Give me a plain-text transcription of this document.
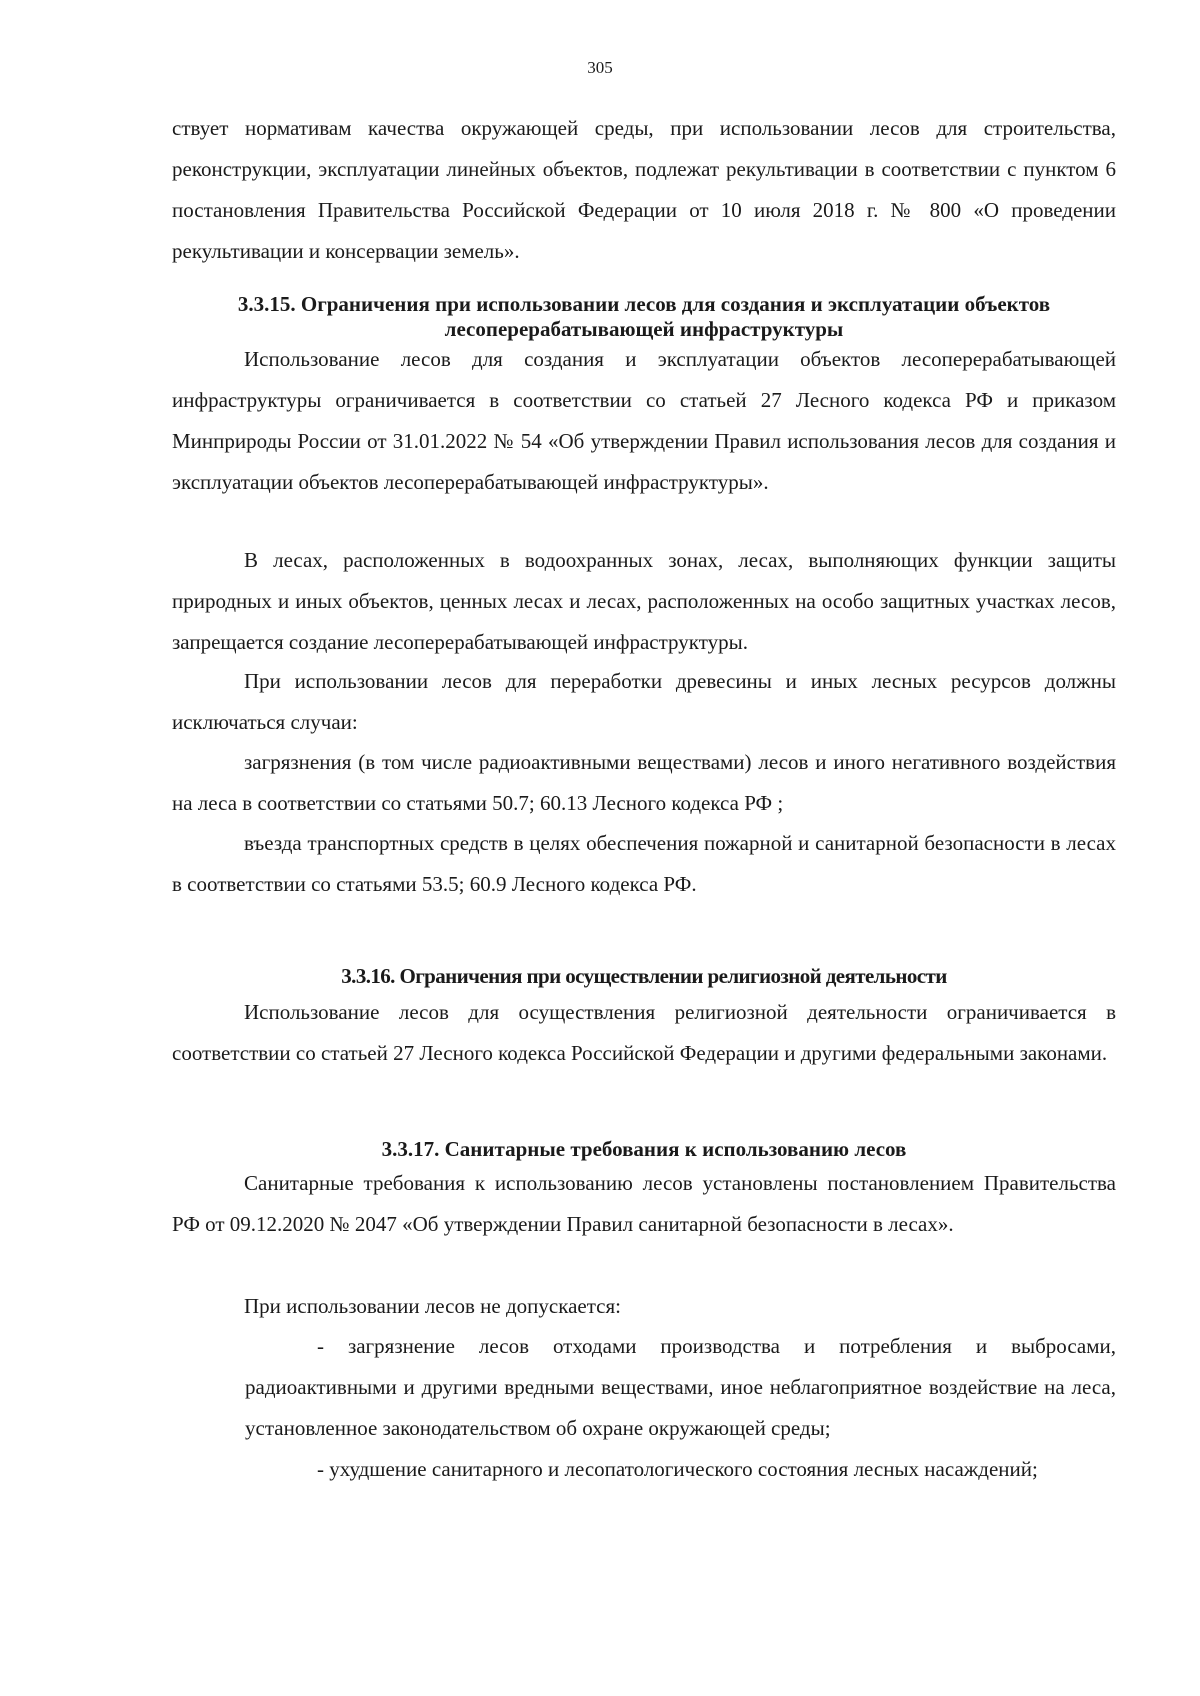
305

ствует нормативам качества окружающей среды, при использовании лесов для строительства, реконструкции, эксплуатации линейных объектов, подлежат рекультивации в соответствии с пунктом 6 постановления Правительства Российской Федерации от 10 июля 2018 г. № 800 «О проведении рекультивации и консервации земель».

3.3.15. Ограничения при использовании лесов для создания и эксплуатации объектов лесоперерабатывающей инфраструктуры

Использование лесов для создания и эксплуатации объектов лесоперерабатывающей инфраструктуры ограничивается в соответствии со статьей 27 Лесного кодекса РФ и приказом Минприроды России от 31.01.2022 № 54 «Об утверждении Правил использования лесов для создания и эксплуатации объектов лесоперерабатывающей инфраструктуры».

В лесах, расположенных в водоохранных зонах, лесах, выполняющих функции защиты природных и иных объектов, ценных лесах и лесах, расположенных на особо защитных участках лесов, запрещается создание лесоперерабатывающей инфраструктуры.

При использовании лесов для переработки древесины и иных лесных ресурсов должны исключаться случаи:

загрязнения (в том числе радиоактивными веществами) лесов и иного негативного воздействия на леса в соответствии со статьями 50.7; 60.13 Лесного кодекса РФ ;

въезда транспортных средств в целях обеспечения пожарной и санитарной безопасности в лесах в соответствии со статьями 53.5; 60.9 Лесного кодекса РФ.

3.3.16. Ограничения при осуществлении религиозной деятельности

Использование лесов для осуществления религиозной деятельности ограничивается в соответствии со статьей 27 Лесного кодекса Российской Федерации и другими федеральными законами.

3.3.17. Санитарные требования к использованию лесов

Санитарные требования к использованию лесов установлены постановлением Правительства РФ от 09.12.2020 № 2047 «Об утверждении Правил санитарной безопасности в лесах».

При использовании лесов не допускается:

- загрязнение лесов отходами производства и потребления и выбросами, радиоактивными и другими вредными веществами, иное неблагоприятное воздействие на леса, установленное законодательством об охране окружающей среды;

- ухудшение санитарного и лесопатологического состояния лесных насаждений;
